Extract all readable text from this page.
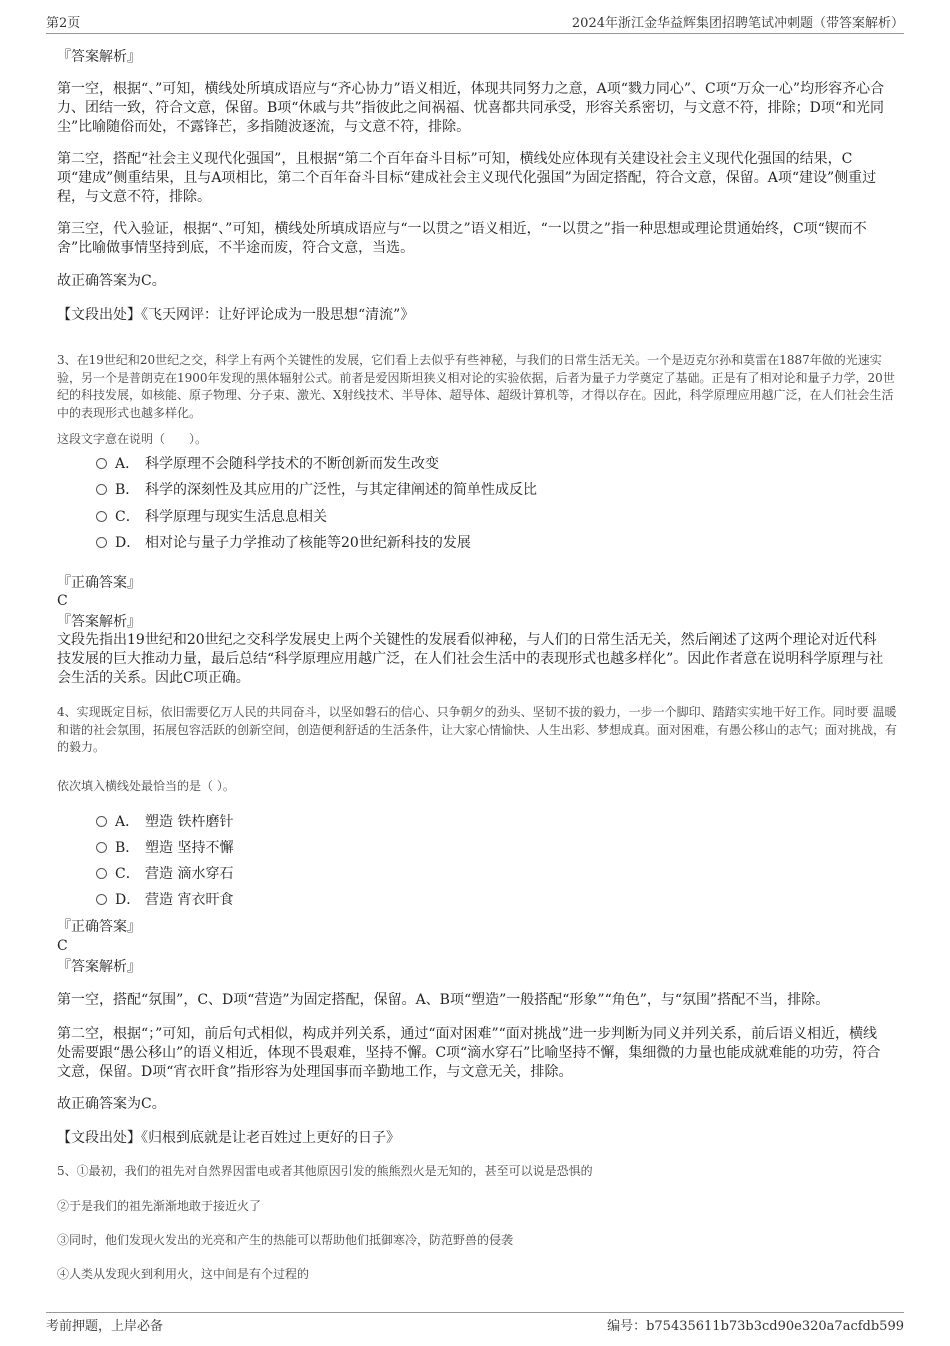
第2页	2024年浙江金华益辉集团招聘笔试冲刺题（带答案解析）

『答案解析』

第一空，根据“、”可知，横线处所填成语应与“齐心协力”语义相近，体现共同努力之意，A项“戮力同心”、C项“万众一心”均形容齐心合力、团结一致，符合文意，保留。B项“休戚与共”指彼此之间祸福、忧喜都共同承受，形容关系密切，与文意不符，排除；D项“和光同尘”比喻随俗而处，不露锋芒，多指随波逐流，与文意不符，排除。

第二空，搭配“社会主义现代化强国”，且根据“第二个百年奋斗目标”可知，横线处应体现有关建设社会主义现代化强国的结果，C项“建成”侧重结果，且与A项相比，第二个百年奋斗目标“建成社会主义现代化强国”为固定搭配，符合文意，保留。A项“建设”侧重过程，与文意不符，排除。

第三空，代入验证，根据“、”可知，横线处所填成语应与“一以贯之”语义相近，“一以贯之”指一种思想或理论贯通始终，C项“锲而不舍”比喻做事情坚持到底，不半途而废，符合文意，当选。

故正确答案为C。

【文段出处】《飞天网评：让好评论成为一股思想“清流”》

3、在19世纪和20世纪之交，科学上有两个关键性的发展，它们看上去似乎有些神秘，与我们的日常生活无关。一个是迈克尔孙和莫雷在1887年做的光速实验，另一个是普朗克在1900年发现的黑体辐射公式。前者是爱因斯坦狭义相对论的实验依据，后者为量子力学奠定了基础。正是有了相对论和量子力学，20世纪的科技发展，如核能、原子物理、分子束、激光、X射线技术、半导体、超导体、超级计算机等，才得以存在。因此，科学原理应用越广泛，在人们社会生活中的表现形式也越多样化。

这段文字意在说明（　　）。

A． 科学原理不会随科学技术的不断创新而发生改变
B． 科学的深刻性及其应用的广泛性，与其定律阐述的简单性成反比
C． 科学原理与现实生活息息相关
D． 相对论与量子力学推动了核能等20世纪新科技的发展
『正确答案』
C
『答案解析』

文段先指出19世纪和20世纪之交科学发展史上两个关键性的发展看似神秘，与人们的日常生活无关，然后阐述了这两个理论对近代科技发展的巨大推动力量，最后总结“科学原理应用越广泛，在人们社会生活中的表现形式也越多样化”。因此作者意在说明科学原理与社会生活的关系。因此C项正确。

4、实现既定目标，依旧需要亿万人民的共同奋斗，以坚如磐石的信心、只争朝夕的劲头、坚韧不拔的毅力，一步一个脚印、踏踏实实地干好工作。同时要 温暖和谐的社会氛围，拓展包容活跃的创新空间，创造便利舒适的生活条件，让大家心情愉快、人生出彩、梦想成真。面对困难，有愚公移山的志气；面对挑战，有 的毅力。

依次填入横线处最恰当的是（ ）。

A． 塑造 铁杵磨针
B． 塑造 坚持不懈
C． 营造 滴水穿石
D． 营造 宵衣旰食
『正确答案』
C
『答案解析』

第一空，搭配“氛围”，C、D项“营造”为固定搭配，保留。A、B项“塑造”一般搭配“形象”“角色”，与“氛围”搭配不当，排除。

第二空，根据“；”可知，前后句式相似，构成并列关系，通过“面对困难”“面对挑战”进一步判断为同义并列关系，前后语义相近，横线处需要跟“愚公移山”的语义相近，体现不畏艰难，坚持不懈。C项“滴水穿石”比喻坚持不懈，集细微的力量也能成就难能的功劳，符合文意，保留。D项“宵衣旰食”指形容为处理国事而辛勤地工作，与文意无关，排除。

故正确答案为C。

【文段出处】《归根到底就是让老百姓过上更好的日子》

5、①最初，我们的祖先对自然界因雷电或者其他原因引发的熊熊烈火是无知的，甚至可以说是恐惧的

②于是我们的祖先渐渐地敢于接近火了

③同时，他们发现火发出的光亮和产生的热能可以帮助他们抵御寒冷，防范野兽的侵袭

④人类从发现火到利用火，这中间是有个过程的

考前押题，上岸必备	编号：b75435611b73b3cd90e320a7acfdb599
